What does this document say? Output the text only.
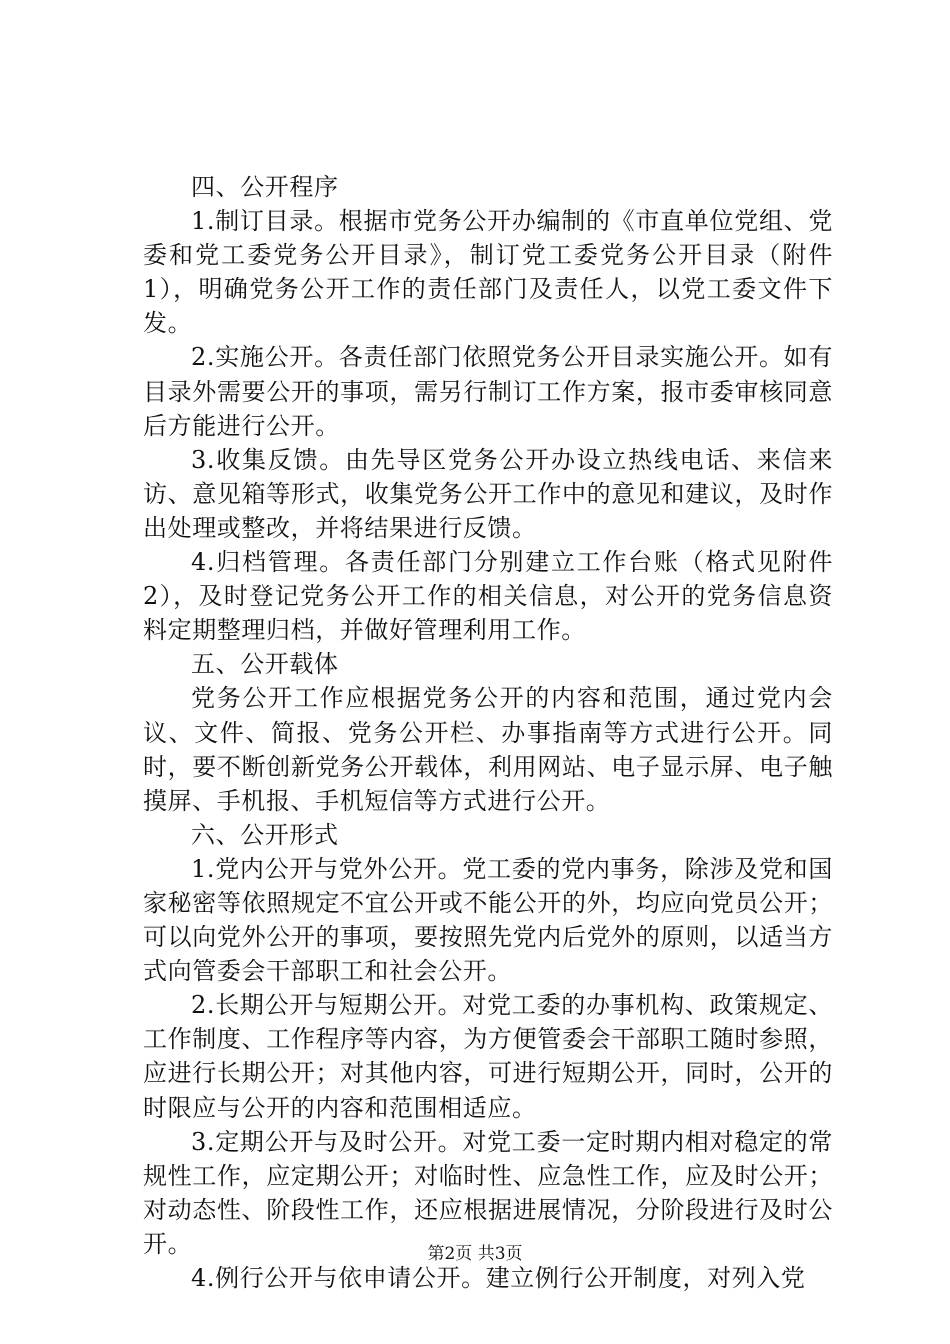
四、公开程序

1.制订目录。根据市党务公开办编制的《市直单位党组、党委和党工委党务公开目录》，制订党工委党务公开目录（附件1），明确党务公开工作的责任部门及责任人，以党工委文件下发。

2.实施公开。各责任部门依照党务公开目录实施公开。如有目录外需要公开的事项，需另行制订工作方案，报市委审核同意后方能进行公开。

3.收集反馈。由先导区党务公开办设立热线电话、来信来访、意见箱等形式，收集党务公开工作中的意见和建议，及时作出处理或整改，并将结果进行反馈。

4.归档管理。各责任部门分别建立工作台账（格式见附件2），及时登记党务公开工作的相关信息，对公开的党务信息资料定期整理归档，并做好管理利用工作。

五、公开载体

党务公开工作应根据党务公开的内容和范围，通过党内会议、文件、简报、党务公开栏、办事指南等方式进行公开。同时，要不断创新党务公开载体，利用网站、电子显示屏、电子触摸屏、手机报、手机短信等方式进行公开。

六、公开形式

1.党内公开与党外公开。党工委的党内事务，除涉及党和国家秘密等依照规定不宜公开或不能公开的外，均应向党员公开；可以向党外公开的事项，要按照先党内后党外的原则，以适当方式向管委会干部职工和社会公开。

2.长期公开与短期公开。对党工委的办事机构、政策规定、工作制度、工作程序等内容，为方便管委会干部职工随时参照，应进行长期公开；对其他内容，可进行短期公开，同时，公开的时限应与公开的内容和范围相适应。

3.定期公开与及时公开。对党工委一定时期内相对稳定的常规性工作，应定期公开；对临时性、应急性工作，应及时公开；对动态性、阶段性工作，还应根据进展情况，分阶段进行及时公开。

4.例行公开与依申请公开。建立例行公开制度，对列入党

第2页 共3页
